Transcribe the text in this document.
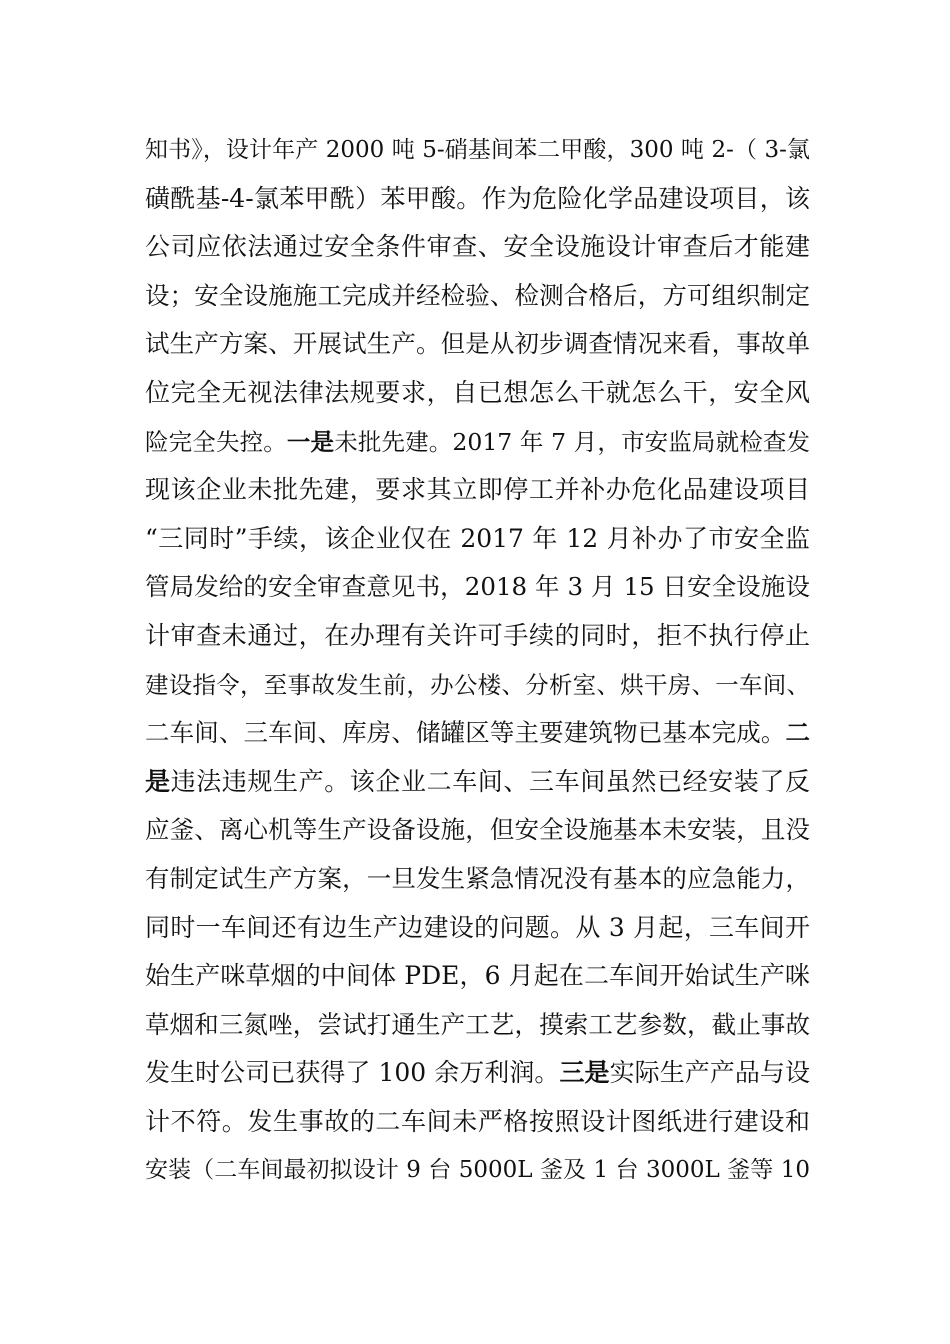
知书》，设计年产 2000 吨 5-硝基间苯二甲酸，300 吨 2-（ 3-氯
磺酰基-4-氯苯甲酰）苯甲酸。作为危险化学品建设项目，该
公司应依法通过安全条件审查、安全设施设计审查后才能建
设；安全设施施工完成并经检验、检测合格后，方可组织制定
试生产方案、开展试生产。但是从初步调查情况来看，事故单
位完全无视法律法规要求，自已想怎么干就怎么干，安全风
险完全失控。一是未批先建。2017 年 7 月，市安监局就检查发
现该企业未批先建，要求其立即停工并补办危化品建设项目
“三同时”手续，该企业仅在 2017 年 12 月补办了市安全监
管局发给的安全审查意见书，2018 年 3 月 15 日安全设施设
计审查未通过，在办理有关许可手续的同时，拒不执行停止
建设指令，至事故发生前，办公楼、分析室、烘干房、一车间、
二车间、三车间、库房、储罐区等主要建筑物已基本完成。二
是违法违规生产。该企业二车间、三车间虽然已经安装了反
应釜、离心机等生产设备设施，但安全设施基本未安装，且没
有制定试生产方案，一旦发生紧急情况没有基本的应急能力，
同时一车间还有边生产边建设的问题。从 3 月起，三车间开
始生产咪草烟的中间体 PDE，6 月起在二车间开始试生产咪
草烟和三氮唑，尝试打通生产工艺，摸索工艺参数，截止事故
发生时公司已获得了 100 余万利润。三是实际生产产品与设
计不符。发生事故的二车间未严格按照设计图纸进行建设和
安装（二车间最初拟设计 9 台 5000L 釜及 1 台 3000L 釜等 10
